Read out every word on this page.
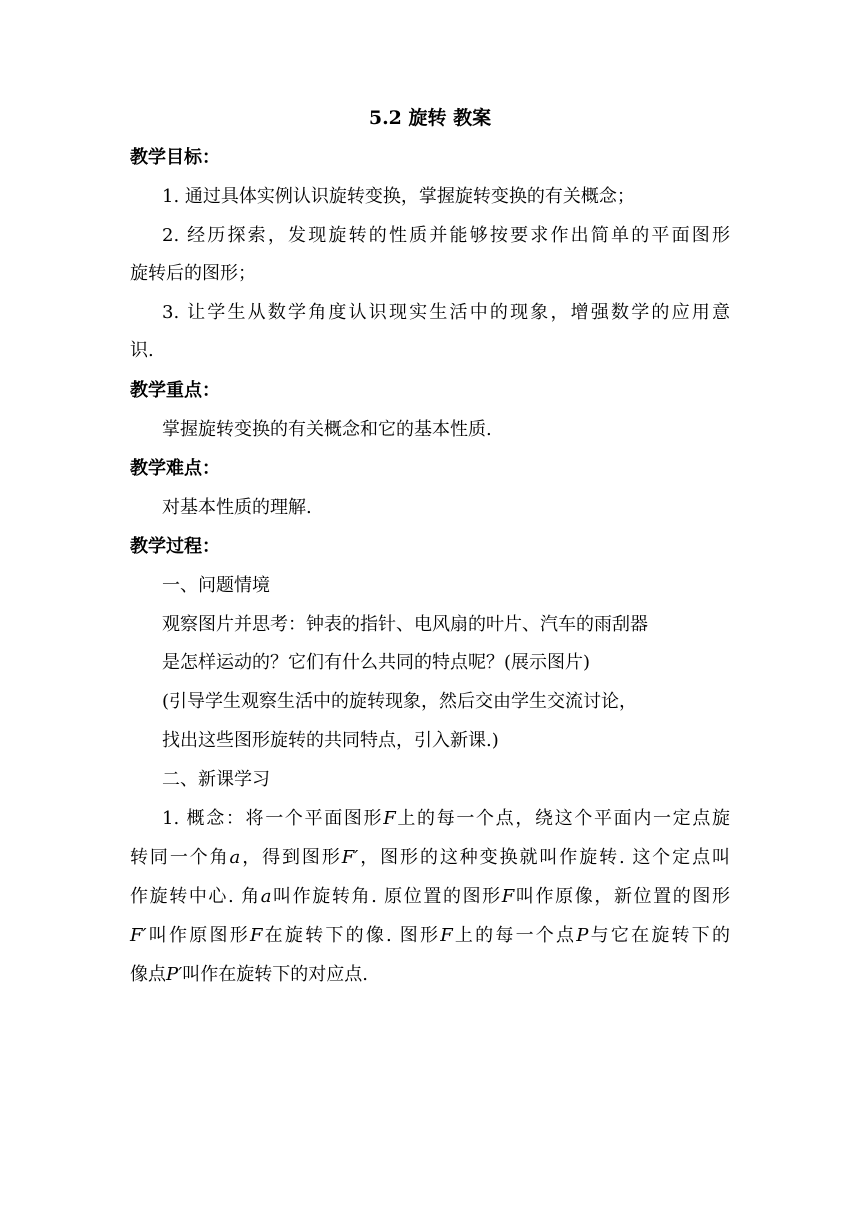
5.2 旋转 教案
教学目标：
1. 通过具体实例认识旋转变换，掌握旋转变换的有关概念；
2. 经历探索，发现旋转的性质并能够按要求作出简单的平面图形
旋转后的图形；
3. 让学生从数学角度认识现实生活中的现象，增强数学的应用意
识.
教学重点：
掌握旋转变换的有关概念和它的基本性质.
教学难点：
对基本性质的理解.
教学过程：
一、问题情境
观察图片并思考：钟表的指针、电风扇的叶片、汽车的雨刮器
是怎样运动的？它们有什么共同的特点呢？(展示图片)
(引导学生观察生活中的旋转现象，然后交由学生交流讨论，
找出这些图形旋转的共同特点，引入新课.)
二、新课学习
1. 概念：将一个平面图形F上的每一个点，绕这个平面内一定点旋
转同一个角a，得到图形F′，图形的这种变换就叫作旋转. 这个定点叫
作旋转中心. 角a叫作旋转角. 原位置的图形F叫作原像，新位置的图形
F′叫作原图形F在旋转下的像. 图形F上的每一个点P与它在旋转下的
像点P′叫作在旋转下的对应点.
